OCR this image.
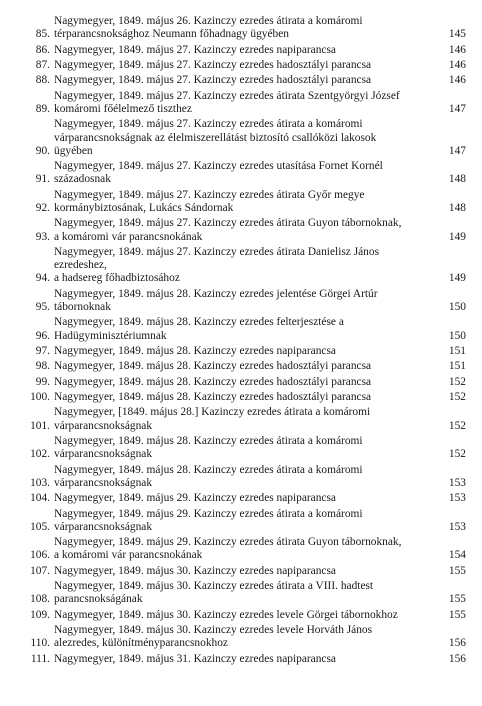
85.
Nagymegyer, 1849. május 26. Kazinczy ezredes átirata a komáromi
térparancsnoksághoz Neumann főhadnagy ügyében	145
86. Nagymegyer, 1849. május 27. Kazinczy ezredes napiparancsa	146
87. Nagymegyer, 1849. május 27. Kazinczy ezredes hadosztályi parancsa	146
88. Nagymegyer, 1849. május 27. Kazinczy ezredes hadosztályi parancsa	146
89.
Nagymegyer, 1849. május 27. Kazinczy ezredes átirata Szentgyörgyi József
komáromi főélelmező tiszthez	147
90.
Nagymegyer, 1849. május 27. Kazinczy ezredes átirata a komáromi
várparancsnokságnak az élelmiszerellátást biztosító csallóközi lakosok
ügyében	147
91.
Nagymegyer, 1849. május 27. Kazinczy ezredes utasítása Fornet Kornél
századosnak	148
92.
Nagymegyer, 1849. május 27. Kazinczy ezredes átirata Győr megye
kormánybiztosának, Lukács Sándornak	148
93.
Nagymegyer, 1849. május 27. Kazinczy ezredes átirata Guyon tábornoknak,
a komáromi vár parancsnokának	149
94.
Nagymegyer, 1849. május 27. Kazinczy ezredes átirata Danielisz János
ezredeshez,
a hadsereg főhadbiztosához	149
95.
Nagymegyer, 1849. május 28. Kazinczy ezredes jelentése Görgei Artúr
tábornoknak	150
96.
Nagymegyer, 1849. május 28. Kazinczy ezredes felterjesztése a
Hadügyminisztériumnak	150
97. Nagymegyer, 1849. május 28. Kazinczy ezredes napiparancsa	151
98. Nagymegyer, 1849. május 28. Kazinczy ezredes hadosztályi parancsa	151
99. Nagymegyer, 1849. május 28. Kazinczy ezredes hadosztályi parancsa	152
100. Nagymegyer, 1849. május 28. Kazinczy ezredes hadosztályi parancsa	152
101.
Nagymegyer, [1849. május 28.] Kazinczy ezredes átirata a komáromi
várparancsnokságnak	152
102.
Nagymegyer, 1849. május 28. Kazinczy ezredes átirata a komáromi
várparancsnokságnak	152
103.
Nagymegyer, 1849. május 28. Kazinczy ezredes átirata a komáromi
várparancsnokságnak	153
104. Nagymegyer, 1849. május 29. Kazinczy ezredes napiparancsa	153
105.
Nagymegyer, 1849. május 29. Kazinczy ezredes átirata a komáromi
várparancsnokságnak	153
106.
Nagymegyer, 1849. május 29. Kazinczy ezredes átirata Guyon tábornoknak,
a komáromi vár parancsnokának	154
107. Nagymegyer, 1849. május 30. Kazinczy ezredes napiparancsa	155
108.
Nagymegyer, 1849. május 30. Kazinczy ezredes átirata a VIII. hadtest
parancsnokságának	155
109. Nagymegyer, 1849. május 30. Kazinczy ezredes levele Görgei tábornokhoz	155
110.
Nagymegyer, 1849. május 30. Kazinczy ezredes levele Horváth János
alezredes, különítményparancsnokhoz	156
111. Nagymegyer, 1849. május 31. Kazinczy ezredes napiparancsa	156
